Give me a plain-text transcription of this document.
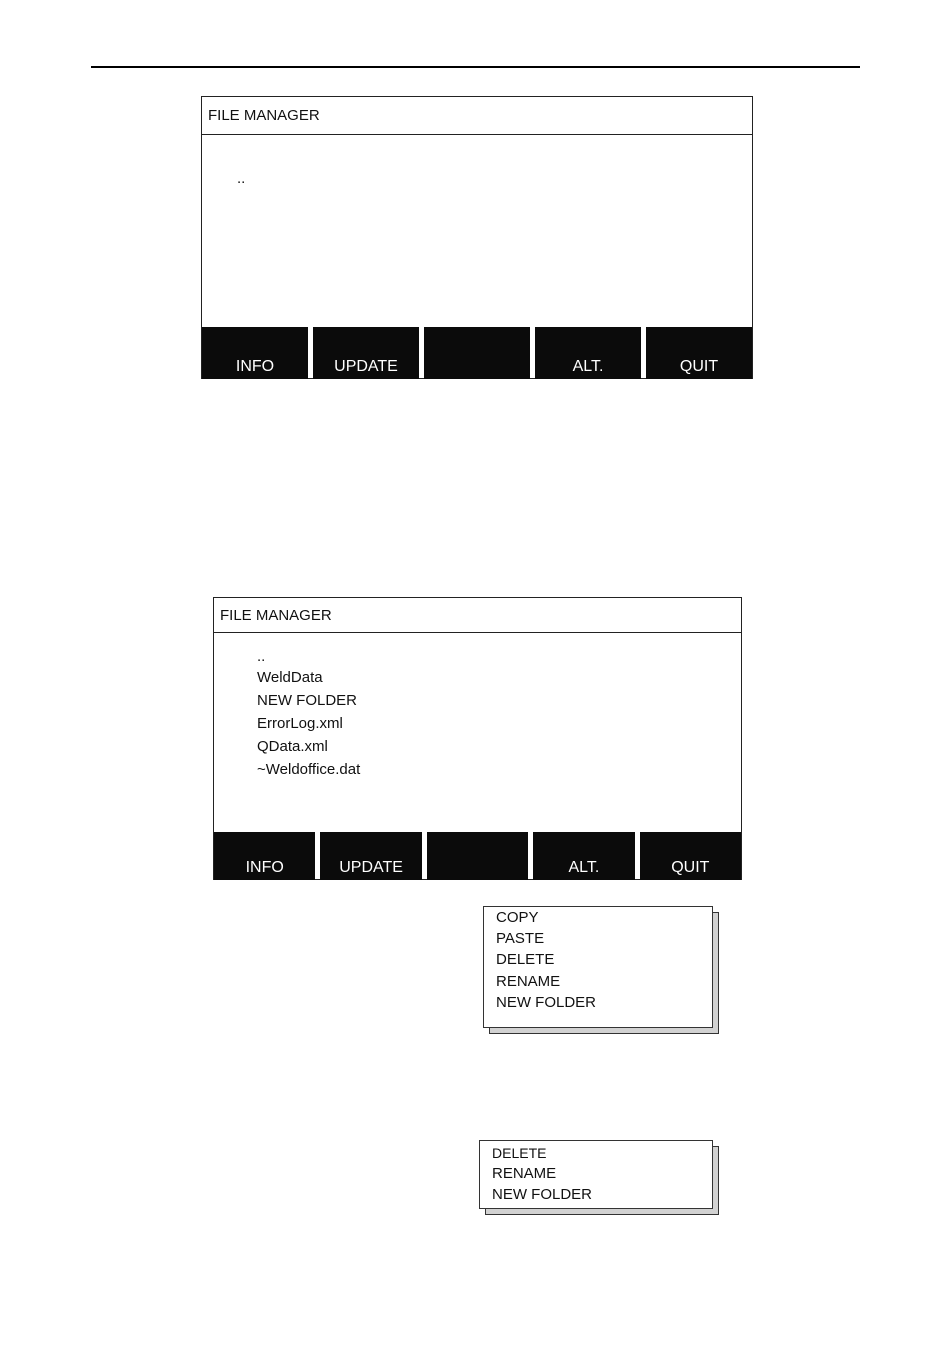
FILE MANAGER
..
INFO	UPDATE	ALT.	QUIT
FILE MANAGER
..
WeldData
NEW FOLDER
ErrorLog.xml
QData.xml
~Weldoffice.dat
INFO	UPDATE	ALT.	QUIT
COPY
PASTE
DELETE
RENAME
NEW FOLDER
DELETE
RENAME
NEW FOLDER
